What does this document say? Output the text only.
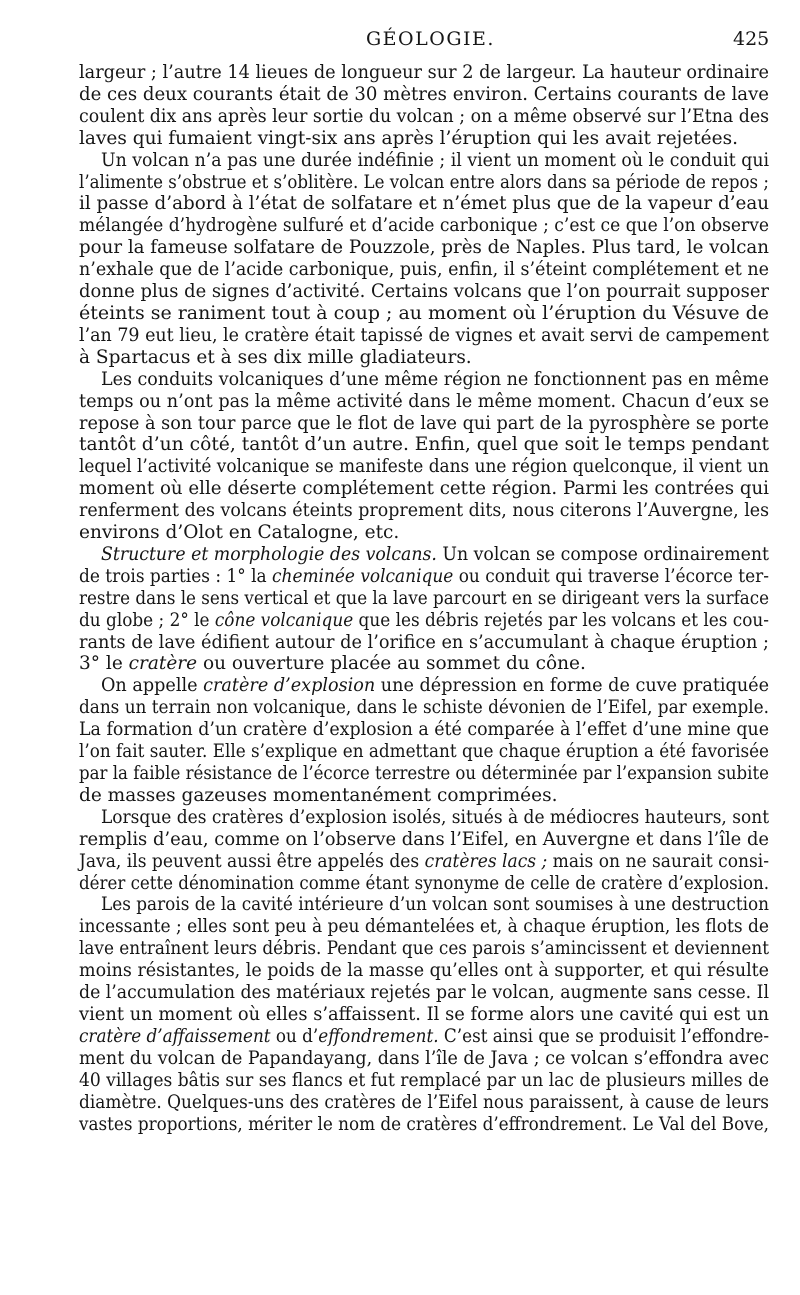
GÉOLOGIE.	425
largeur ; l’autre 14 lieues de longueur sur 2 de largeur. La hauteur ordinaire
de ces deux courants était de 30 mètres environ. Certains courants de lave
coulent dix ans après leur sortie du volcan ; on a même observé sur l’Etna des
laves qui fumaient vingt-six ans après l’éruption qui les avait rejetées.
Un volcan n’a pas une durée indéfinie ; il vient un moment où le conduit qui
l’alimente s’obstrue et s’oblitère. Le volcan entre alors dans sa période de repos ;
il passe d’abord à l’état de solfatare et n’émet plus que de la vapeur d’eau
mélangée d’hydrogène sulfuré et d’acide carbonique ; c’est ce que l’on observe
pour la fameuse solfatare de Pouzzole, près de Naples. Plus tard, le volcan
n’exhale que de l’acide carbonique, puis, enfin, il s’éteint complétement et ne
donne plus de signes d’activité. Certains volcans que l’on pourrait supposer
éteints se raniment tout à coup ; au moment où l’éruption du Vésuve de
l’an 79 eut lieu, le cratère était tapissé de vignes et avait servi de campement
à Spartacus et à ses dix mille gladiateurs.
Les conduits volcaniques d’une même région ne fonctionnent pas en même
temps ou n’ont pas la même activité dans le même moment. Chacun d’eux se
repose à son tour parce que le flot de lave qui part de la pyrosphère se porte
tantôt d’un côté, tantôt d’un autre. Enfin, quel que soit le temps pendant
lequel l’activité volcanique se manifeste dans une région quelconque, il vient un
moment où elle déserte complétement cette région. Parmi les contrées qui
renferment des volcans éteints proprement dits, nous citerons l’Auvergne, les
environs d’Olot en Catalogne, etc.
Structure et morphologie des volcans. Un volcan se compose ordinairement
de trois parties : 1° la cheminée volcanique ou conduit qui traverse l’écorce ter-
restre dans le sens vertical et que la lave parcourt en se dirigeant vers la surface
du globe ; 2° le cône volcanique que les débris rejetés par les volcans et les cou-
rants de lave édifient autour de l’orifice en s’accumulant à chaque éruption ;
3° le cratère ou ouverture placée au sommet du cône.
On appelle cratère d’explosion une dépression en forme de cuve pratiquée
dans un terrain non volcanique, dans le schiste dévonien de l’Eifel, par exemple.
La formation d’un cratère d’explosion a été comparée à l’effet d’une mine que
l’on fait sauter. Elle s’explique en admettant que chaque éruption a été favorisée
par la faible résistance de l’écorce terrestre ou déterminée par l’expansion subite
de masses gazeuses momentanément comprimées.
Lorsque des cratères d’explosion isolés, situés à de médiocres hauteurs, sont
remplis d’eau, comme on l’observe dans l’Eifel, en Auvergne et dans l’île de
Java, ils peuvent aussi être appelés des cratères lacs ; mais on ne saurait consi-
dérer cette dénomination comme étant synonyme de celle de cratère d’explosion.
Les parois de la cavité intérieure d’un volcan sont soumises à une destruction
incessante ; elles sont peu à peu démantelées et, à chaque éruption, les flots de
lave entraînent leurs débris. Pendant que ces parois s’amincissent et deviennent
moins résistantes, le poids de la masse qu’elles ont à supporter, et qui résulte
de l’accumulation des matériaux rejetés par le volcan, augmente sans cesse. Il
vient un moment où elles s’affaissent. Il se forme alors une cavité qui est un
cratère d’affaissement ou d’effondrement. C’est ainsi que se produisit l’effondre-
ment du volcan de Papandayang, dans l’île de Java ; ce volcan s’effondra avec
40 villages bâtis sur ses flancs et fut remplacé par un lac de plusieurs milles de
diamètre. Quelques-uns des cratères de l’Eifel nous paraissent, à cause de leurs
vastes proportions, mériter le nom de cratères d’effrondrement. Le Val del Bove,
